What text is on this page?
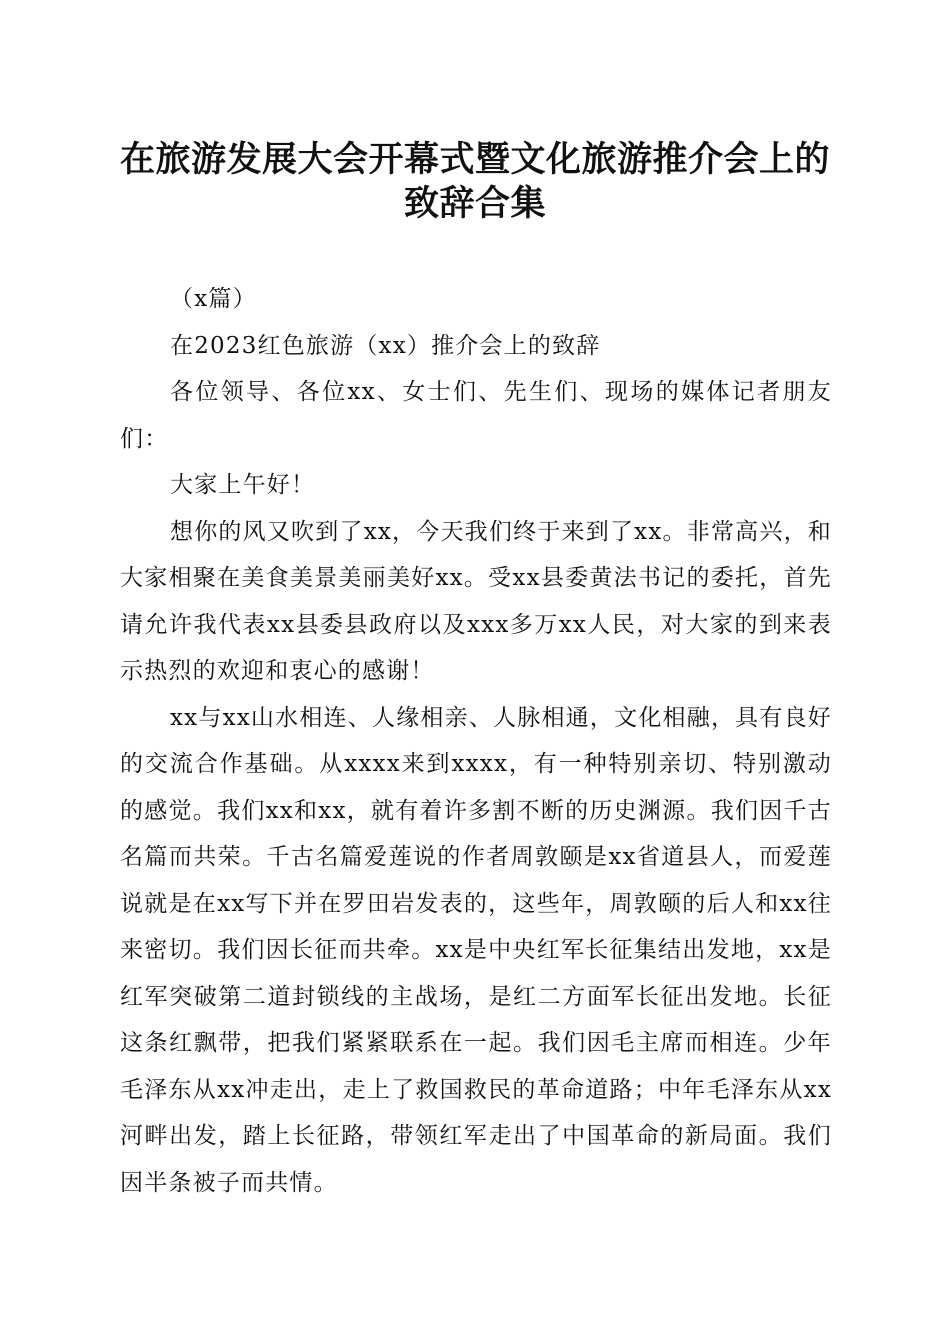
在旅游发展大会开幕式暨文化旅游推介会上的
致辞合集

（x篇）

在2023红色旅游（xx）推介会上的致辞

各位领导、各位xx、女士们、先生们、现场的媒体记者朋友们：

大家上午好！

想你的风又吹到了xx，今天我们终于来到了xx。非常高兴，和大家相聚在美食美景美丽美好xx。受xx县委黄法书记的委托，首先请允许我代表xx县委县政府以及xxx多万xx人民，对大家的到来表示热烈的欢迎和衷心的感谢！

xx与xx山水相连、人缘相亲、人脉相通，文化相融，具有良好的交流合作基础。从xxxx来到xxxx，有一种特别亲切、特别激动的感觉。我们xx和xx，就有着许多割不断的历史渊源。我们因千古名篇而共荣。千古名篇爱莲说的作者周敦颐是xx省道县人，而爱莲说就是在xx写下并在罗田岩发表的，这些年，周敦颐的后人和xx往来密切。我们因长征而共牵。xx是中央红军长征集结出发地，xx是红军突破第二道封锁线的主战场，是红二方面军长征出发地。长征这条红飘带，把我们紧紧联系在一起。我们因毛主席而相连。少年毛泽东从xx冲走出，走上了救国救民的革命道路；中年毛泽东从xx河畔出发，踏上长征路，带领红军走出了中国革命的新局面。我们因半条被子而共情。
